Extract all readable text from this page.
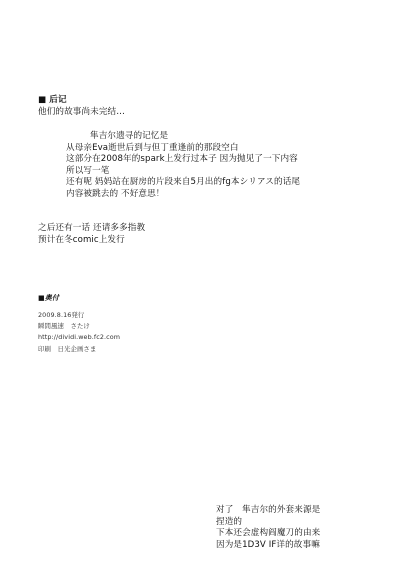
■ 后记
他们的故事尚未完结…
隼吉尔遗寻的记忆是
从母亲Eva逝世后到与但丁重逢前的那段空白
这部分在2008年的spark上发行过本子 因为抛见了一下内容
所以写一笔
还有呢 妈妈站在厨房的片段来自5月出的fg本シリアス的话尾
内容被跳去的 不好意思！
之后还有一话 还请多多指教
预计在冬comic上发行
■奥付
2009.8.16発行
瞬間風速　さたけ
http://dividi.web.fc2.com
印刷　日光企画さま
对了　隼吉尔的外套来源是
捏造的
下本还会虚构阎魔刀的由来
因为是1D3V IF详的故事嘛
